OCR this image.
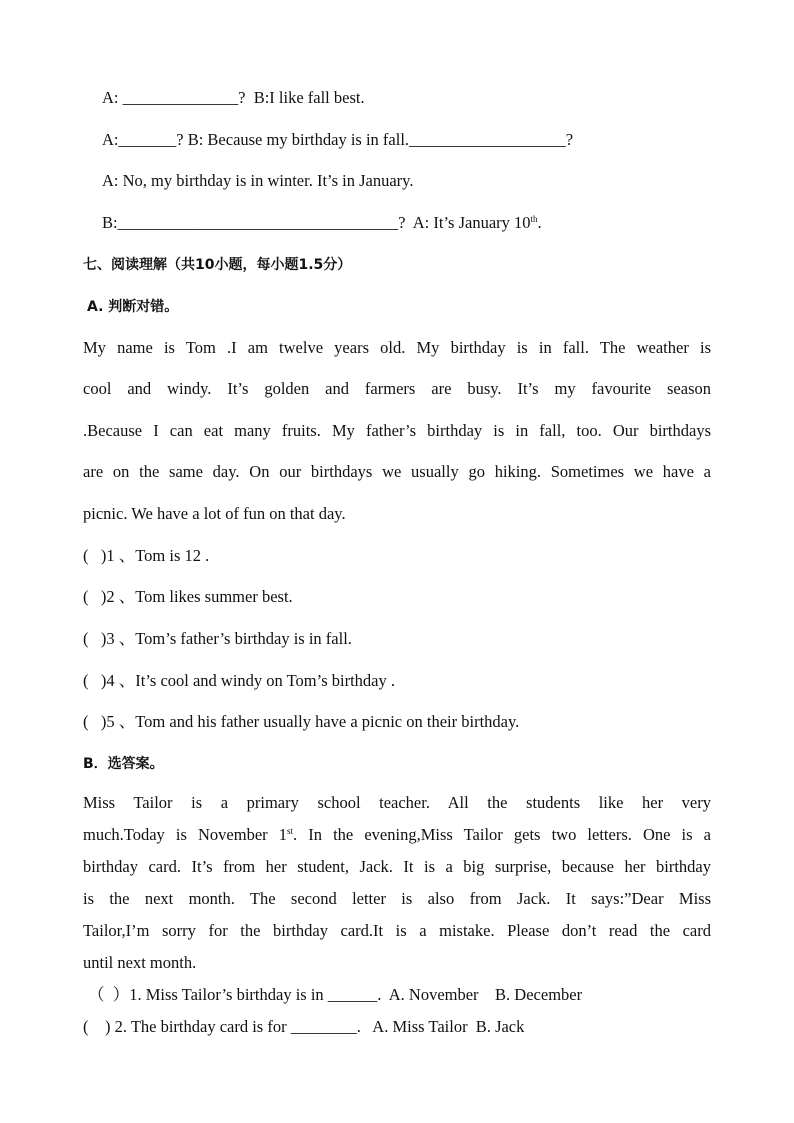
A: ______________?  B:I like fall best.
A:_______? B: Because my birthday is in fall.___________________?
A: No, my birthday is in winter. It’s in January.
B:__________________________________?  A: It’s January 10th.
七、阅读理解（共10小题，每小题1.5分）
A. 判断对错。
My name is Tom .I am twelve years old. My birthday is in fall. The weather is
cool and windy. It’s golden and farmers are busy. It’s my favourite season
.Because I can eat many fruits. My father’s birthday is in fall, too. Our birthdays
are on the same day. On our birthdays we usually go hiking. Sometimes we have a
picnic. We have a lot of fun on that day.
(   )1 、Tom is 12 .
(   )2 、Tom likes summer best.
(   )3 、Tom’s father’s birthday is in fall.
(   )4 、It’s cool and windy on Tom’s birthday .
(   )5 、Tom and his father usually have a picnic on their birthday.
B．选答案。
Miss Tailor is a primary school teacher. All the students like her very
much.Today is November 1st. In the evening,Miss Tailor gets two letters. One is a
birthday card. It’s from her student, Jack. It is a big surprise, because her birthday
is the next month. The second letter is also from Jack. It says:”Dear Miss
Tailor,I’m sorry for the birthday card.It is a mistake. Please don’t read the card
until next month.
（  ）1. Miss Tailor’s birthday is in ______.  A. November    B. December
(    ) 2. The birthday card is for ________.   A. Miss Tailor  B. Jack
